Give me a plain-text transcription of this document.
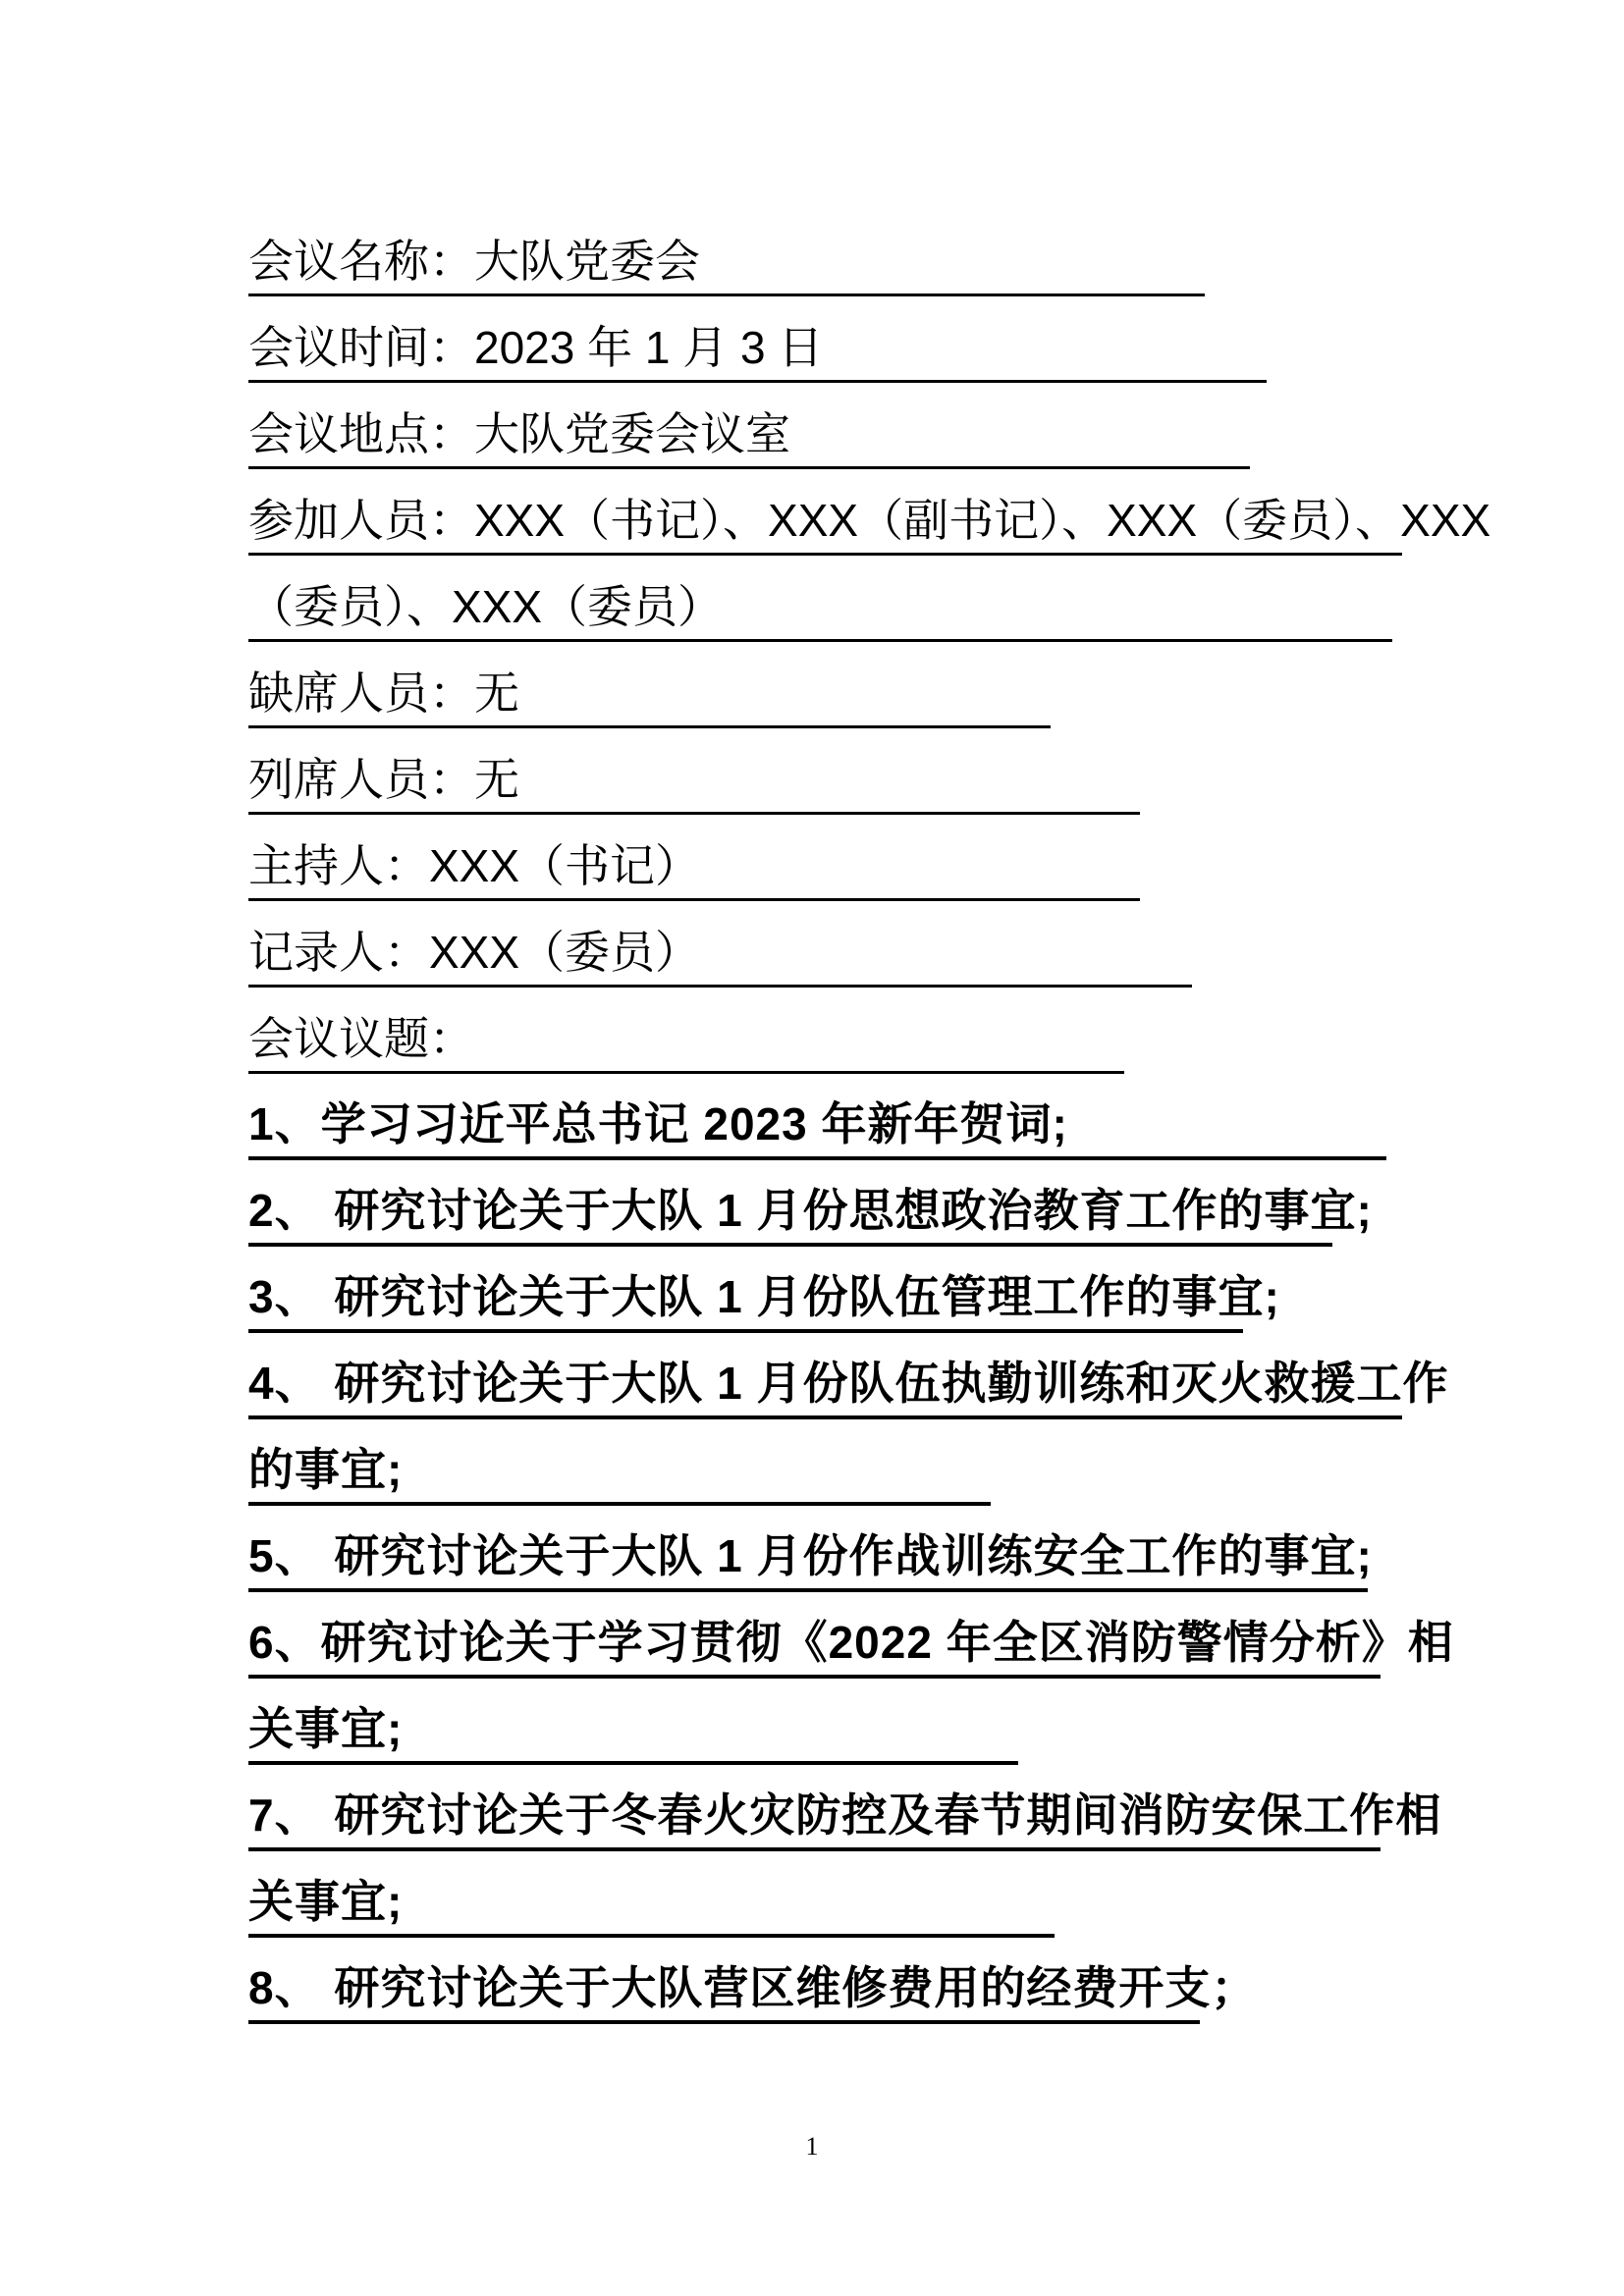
会议名称：大队党委会
会议时间：2023 年 1 月 3 日
会议地点：大队党委会议室
参加人员：XXX（书记）、XXX（副书记）、XXX（委员）、XXX
（委员）、XXX（委员）
缺席人员：无
列席人员：无
主持人：XXX（书记）
记录人：XXX（委员）
会议议题：
1、学习习近平总书记 2023 年新年贺词;
2、 研究讨论关于大队 1 月份思想政治教育工作的事宜;
3、 研究讨论关于大队 1 月份队伍管理工作的事宜;
4、 研究讨论关于大队 1 月份队伍执勤训练和灭火救援工作
的事宜;
5、 研究讨论关于大队 1 月份作战训练安全工作的事宜;
6、研究讨论关于学习贯彻《2022 年全区消防警情分析》相
关事宜;
7、 研究讨论关于冬春火灾防控及春节期间消防安保工作相
关事宜;
8、 研究讨论关于大队营区维修费用的经费开支；
1
